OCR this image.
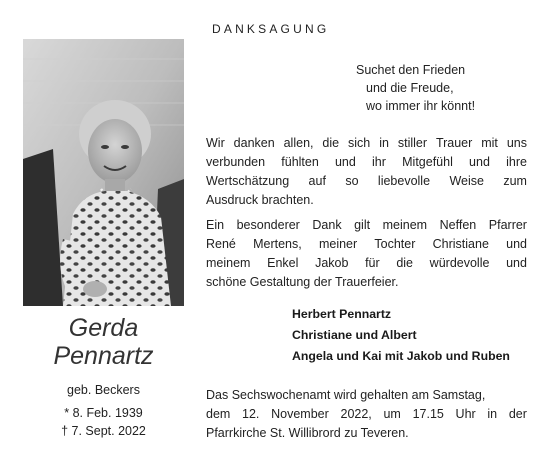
DANKSAGUNG
Gerda
Pennartz
geb. Beckers
* 8. Feb. 1939
† 7. Sept. 2022
Suchet den Frieden
und die Freude,
wo immer ihr könnt!
Wir danken allen, die sich in stiller Trauer mit uns
verbunden fühlten und ihr Mitgefühl und ihre
Wertschätzung auf so liebevolle Weise zum
Ausdruck brachten.
Ein besonderer Dank gilt meinem Neffen Pfarrer
René Mertens, meiner Tochter Christiane und
meinem Enkel Jakob für die würdevolle und
schöne Gestaltung der Trauerfeier.
Herbert Pennartz
Christiane und Albert
Angela und Kai mit Jakob und Ruben
Das Sechswochenamt wird gehalten am Samstag,
dem 12. November 2022, um 17.15 Uhr in der
Pfarrkirche St. Willibrord zu Teveren.
